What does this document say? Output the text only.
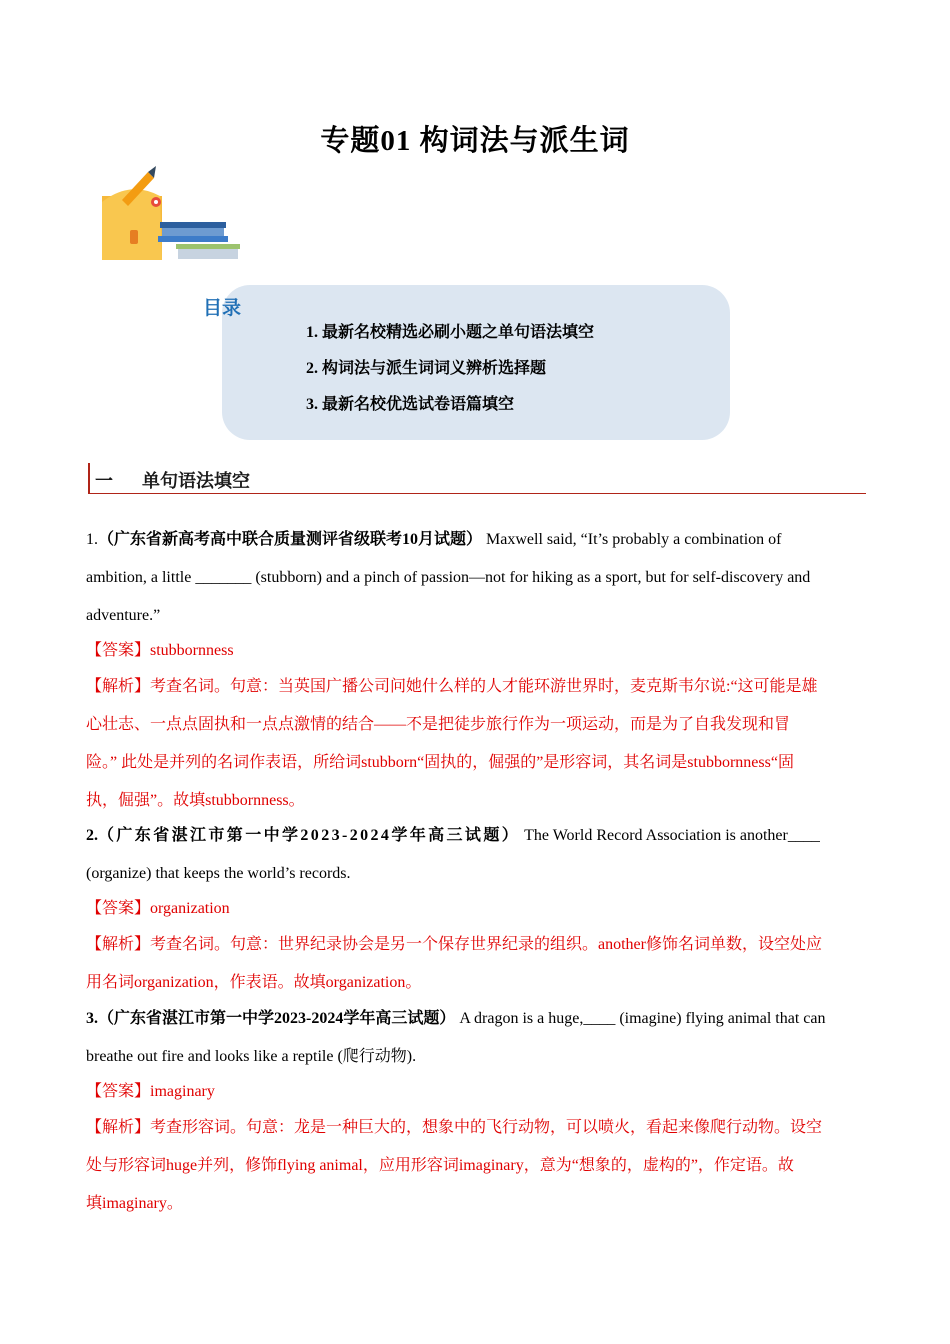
专题01 构词法与派生词
目录
1. 最新名校精选必刷小题之单句语法填空
2. 构词法与派生词词义辨析选择题
3. 最新名校优选试卷语篇填空
一 单句语法填空

1.（广东省新高考高中联合质量测评省级联考10月试题） Maxwell said, “It’s probably a combination of
ambition, a little _______ (stubborn) and a pinch of passion—not for hiking as a sport, but for self-discovery and
adventure.”

【答案】stubbornness
【解析】考查名词。句意：当英国广播公司问她什么样的人才能环游世界时，麦克斯韦尔说:“这可能是雄
心壮志、一点点固执和一点点激情的结合——不是把徒步旅行作为一项运动，而是为了自我发现和冒
险。” 此处是并列的名词作表语，所给词stubborn“固执的，倔强的”是形容词，其名词是stubbornness“固
执，倔强”。故填stubbornness。

2.（广东省湛江市第一中学2023-2024学年高三试题） The World Record Association is another____
(organize) that keeps the world’s records.

【答案】organization
【解析】考查名词。句意：世界纪录协会是另一个保存世界纪录的组织。another修饰名词单数，设空处应
用名词organization，作表语。故填organization。

3.（广东省湛江市第一中学2023-2024学年高三试题） A dragon is a huge,____ (imagine) flying animal that can
breathe out fire and looks like a reptile (爬行动物).

【答案】imaginary
【解析】考查形容词。句意：龙是一种巨大的，想象中的飞行动物，可以喷火，看起来像爬行动物。设空
处与形容词huge并列，修饰flying animal，应用形容词imaginary，意为“想象的，虚构的”，作定语。故
填imaginary。
